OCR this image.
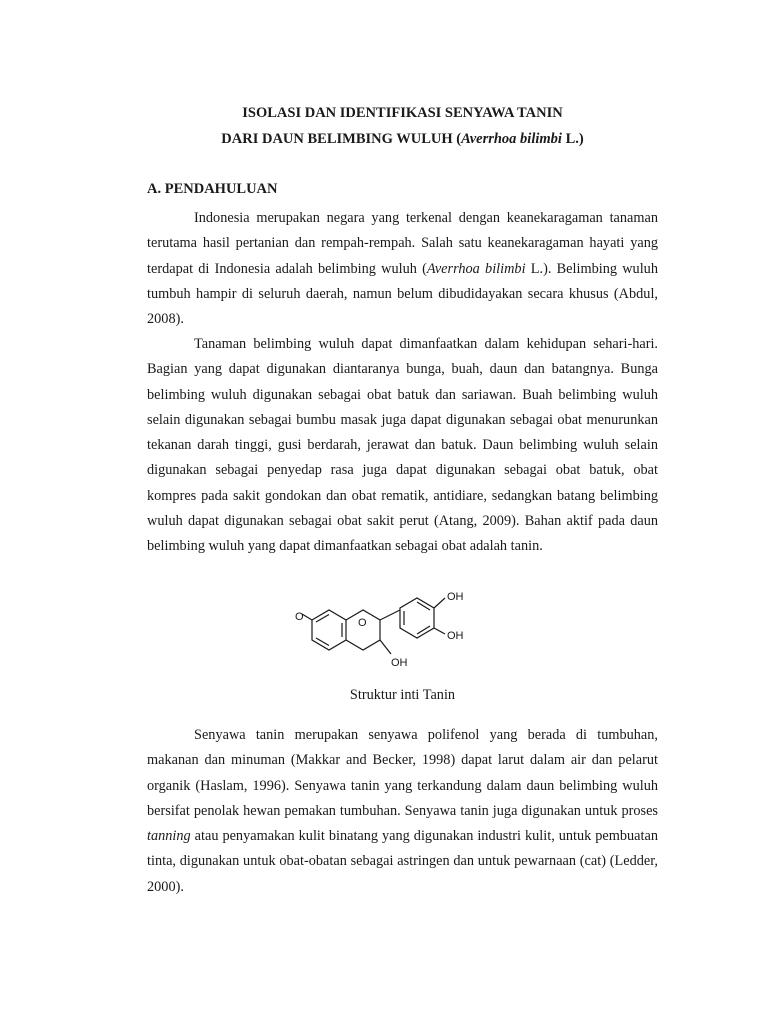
ISOLASI DAN IDENTIFIKASI SENYAWA TANIN

DARI DAUN BELIMBING WULUH (Averrhoa bilimbi L.)

A. PENDAHULUAN

Indonesia merupakan negara yang terkenal dengan keanekaragaman tanaman terutama hasil pertanian dan rempah-rempah. Salah satu keanekaragaman hayati yang terdapat di Indonesia adalah belimbing wuluh (Averrhoa bilimbi L.). Belimbing wuluh tumbuh hampir di seluruh daerah, namun belum dibudidayakan secara khusus (Abdul, 2008).

Tanaman belimbing wuluh dapat dimanfaatkan dalam kehidupan sehari-hari. Bagian yang dapat digunakan diantaranya bunga, buah, daun dan batangnya. Bunga belimbing wuluh digunakan sebagai obat batuk dan sariawan. Buah belimbing wuluh selain digunakan sebagai bumbu masak juga dapat digunakan sebagai obat menurunkan tekanan darah tinggi, gusi berdarah, jerawat dan batuk. Daun belimbing wuluh selain digunakan sebagai penyedap rasa juga dapat digunakan sebagai obat batuk, obat kompres pada sakit gondokan dan obat rematik, antidiare, sedangkan batang belimbing wuluh dapat digunakan sebagai obat sakit perut (Atang, 2009). Bahan aktif pada daun belimbing wuluh yang dapat dimanfaatkan sebagai obat adalah tanin.

O	O
OH
OH
OH
Struktur inti Tanin

Senyawa tanin merupakan senyawa polifenol yang berada di tumbuhan, makanan dan minuman (Makkar and Becker, 1998) dapat larut dalam air dan pelarut organik (Haslam, 1996). Senyawa tanin yang terkandung dalam daun belimbing wuluh bersifat penolak hewan pemakan tumbuhan. Senyawa tanin juga digunakan untuk proses tanning atau penyamakan kulit binatang yang digunakan industri kulit, untuk pembuatan tinta, digunakan untuk obat-obatan sebagai astringen dan untuk pewarnaan (cat) (Ledder, 2000).
